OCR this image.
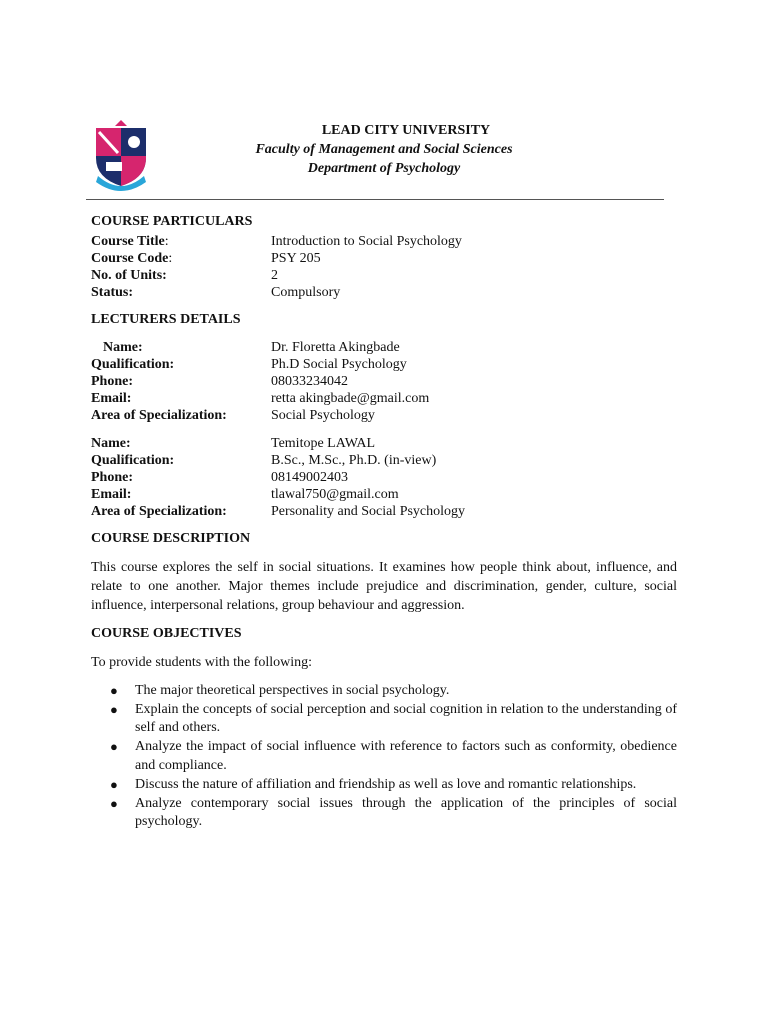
LEAD CITY UNIVERSITY
Faculty of Management and Social Sciences
Department of Psychology
COURSE PARTICULARS
Course Title:	Introduction to Social Psychology
Course Code:	PSY 205
No. of Units:	2
Status:	Compulsory
LECTURERS DETAILS
Name:	Dr. Floretta Akingbade
Qualification:	Ph.D Social Psychology
Phone:	08033234042
Email:	retta akingbade@gmail.com
Area of Specialization:	Social Psychology
Name:	Temitope LAWAL
Qualification:	B.Sc., M.Sc., Ph.D. (in-view)
Phone:	08149002403
Email:	tlawal750@gmail.com
Area of Specialization:	Personality and Social Psychology
COURSE DESCRIPTION
This course explores the self in social situations. It examines how people think about, influence, and relate to one another. Major themes include prejudice and discrimination, gender, culture, social influence, interpersonal relations, group behaviour and aggression.
COURSE OBJECTIVES
To provide students with the following:
● The major theoretical perspectives in social psychology.
● Explain the concepts of social perception and social cognition in relation to the understanding of self and others.
● Analyze the impact of social influence with reference to factors such as conformity, obedience and compliance.
● Discuss the nature of affiliation and friendship as well as love and romantic relationships.
● Analyze contemporary social issues through the application of the principles of social psychology.
